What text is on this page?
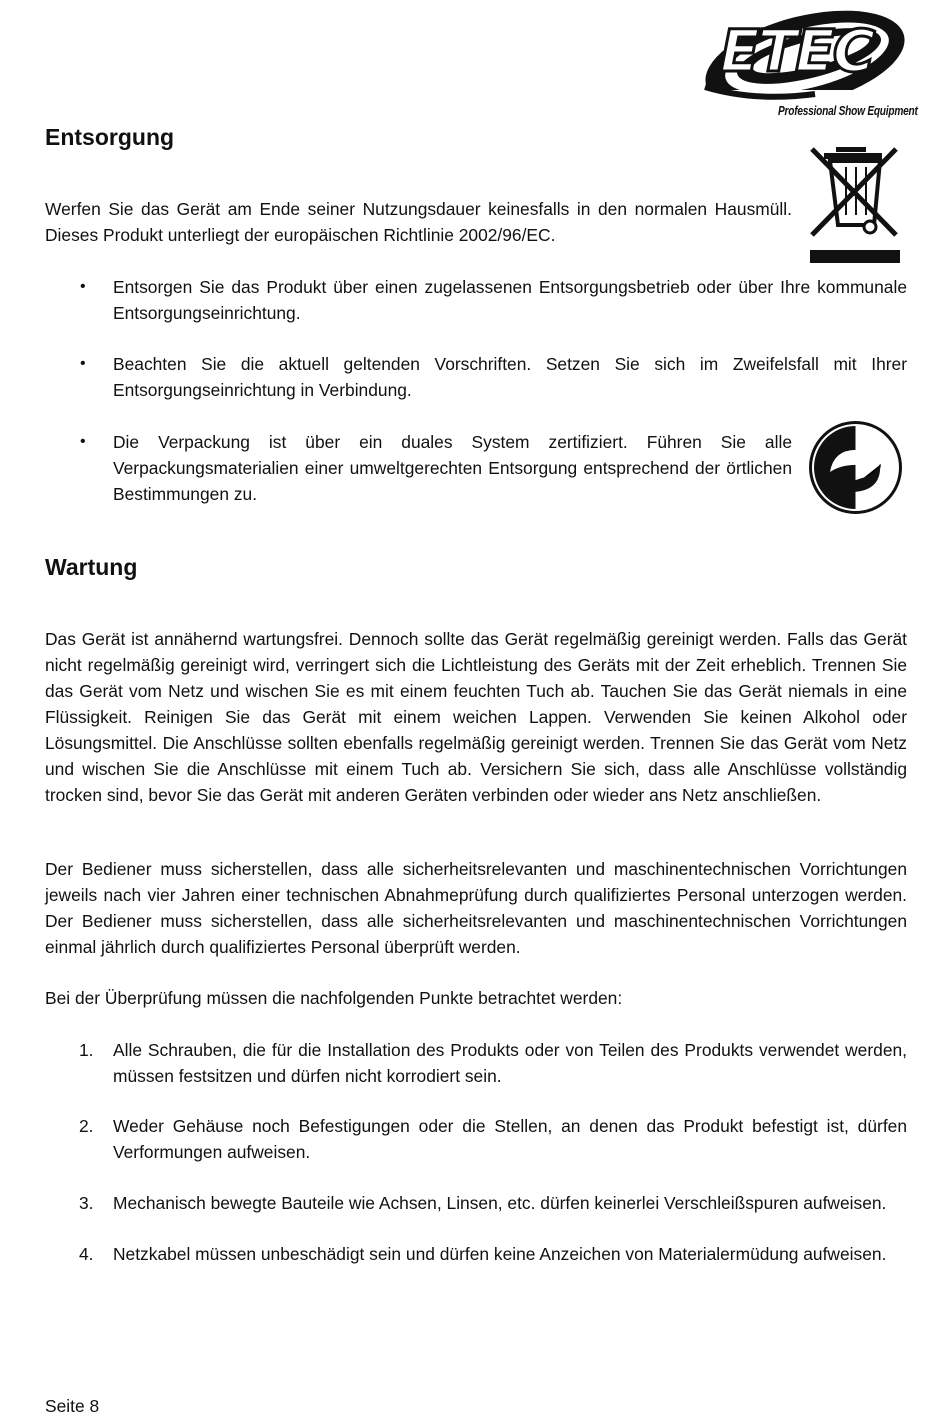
ETEC
Professional Show Equipment
Entsorgung

Werfen Sie das Gerät am Ende seiner Nutzungsdauer keinesfalls in den normalen Hausmüll. Dieses Produkt unterliegt der europäischen Richtlinie 2002/96/EC.

• Entsorgen Sie das Produkt über einen zugelassenen Entsorgungsbetrieb oder über Ihre kommunale Entsorgungseinrichtung.

• Beachten Sie die aktuell geltenden Vorschriften. Setzen Sie sich im Zweifelsfall mit Ihrer Entsorgungseinrichtung in Verbindung.

• Die Verpackung ist über ein duales System zertifiziert. Führen Sie alle Verpackungsmaterialien einer umweltgerechten Entsorgung entsprechend der örtlichen Bestimmungen zu.

Wartung

Das Gerät ist annähernd wartungsfrei. Dennoch sollte das Gerät regelmäßig gereinigt werden. Falls das Gerät nicht regelmäßig gereinigt wird, verringert sich die Lichtleistung des Geräts mit der Zeit erheblich. Trennen Sie das Gerät vom Netz und wischen Sie es mit einem feuchten Tuch ab. Tauchen Sie das Gerät niemals in eine Flüssigkeit. Reinigen Sie das Gerät mit einem weichen Lappen. Verwenden Sie keinen Alkohol oder Lösungsmittel. Die Anschlüsse sollten ebenfalls regelmäßig gereinigt werden. Trennen Sie das Gerät vom Netz und wischen Sie die Anschlüsse mit einem Tuch ab. Versichern Sie sich, dass alle Anschlüsse vollständig trocken sind, bevor Sie das Gerät mit anderen Geräten verbinden oder wieder ans Netz anschließen.

Der Bediener muss sicherstellen, dass alle sicherheitsrelevanten und maschinentechnischen Vorrichtungen jeweils nach vier Jahren einer technischen Abnahmeprüfung durch qualifiziertes Personal unterzogen werden. Der Bediener muss sicherstellen, dass alle sicherheitsrelevanten und maschinentechnischen Vorrichtungen einmal jährlich durch qualifiziertes Personal überprüft werden.

Bei der Überprüfung müssen die nachfolgenden Punkte betrachtet werden:

1. Alle Schrauben, die für die Installation des Produkts oder von Teilen des Produkts verwendet werden, müssen festsitzen und dürfen nicht korrodiert sein.

2. Weder Gehäuse noch Befestigungen oder die Stellen, an denen das Produkt befestigt ist, dürfen Verformungen aufweisen.

3. Mechanisch bewegte Bauteile wie Achsen, Linsen, etc. dürfen keinerlei Verschleißspuren aufweisen.

4. Netzkabel müssen unbeschädigt sein und dürfen keine Anzeichen von Materialermüdung aufweisen.

Seite 8
